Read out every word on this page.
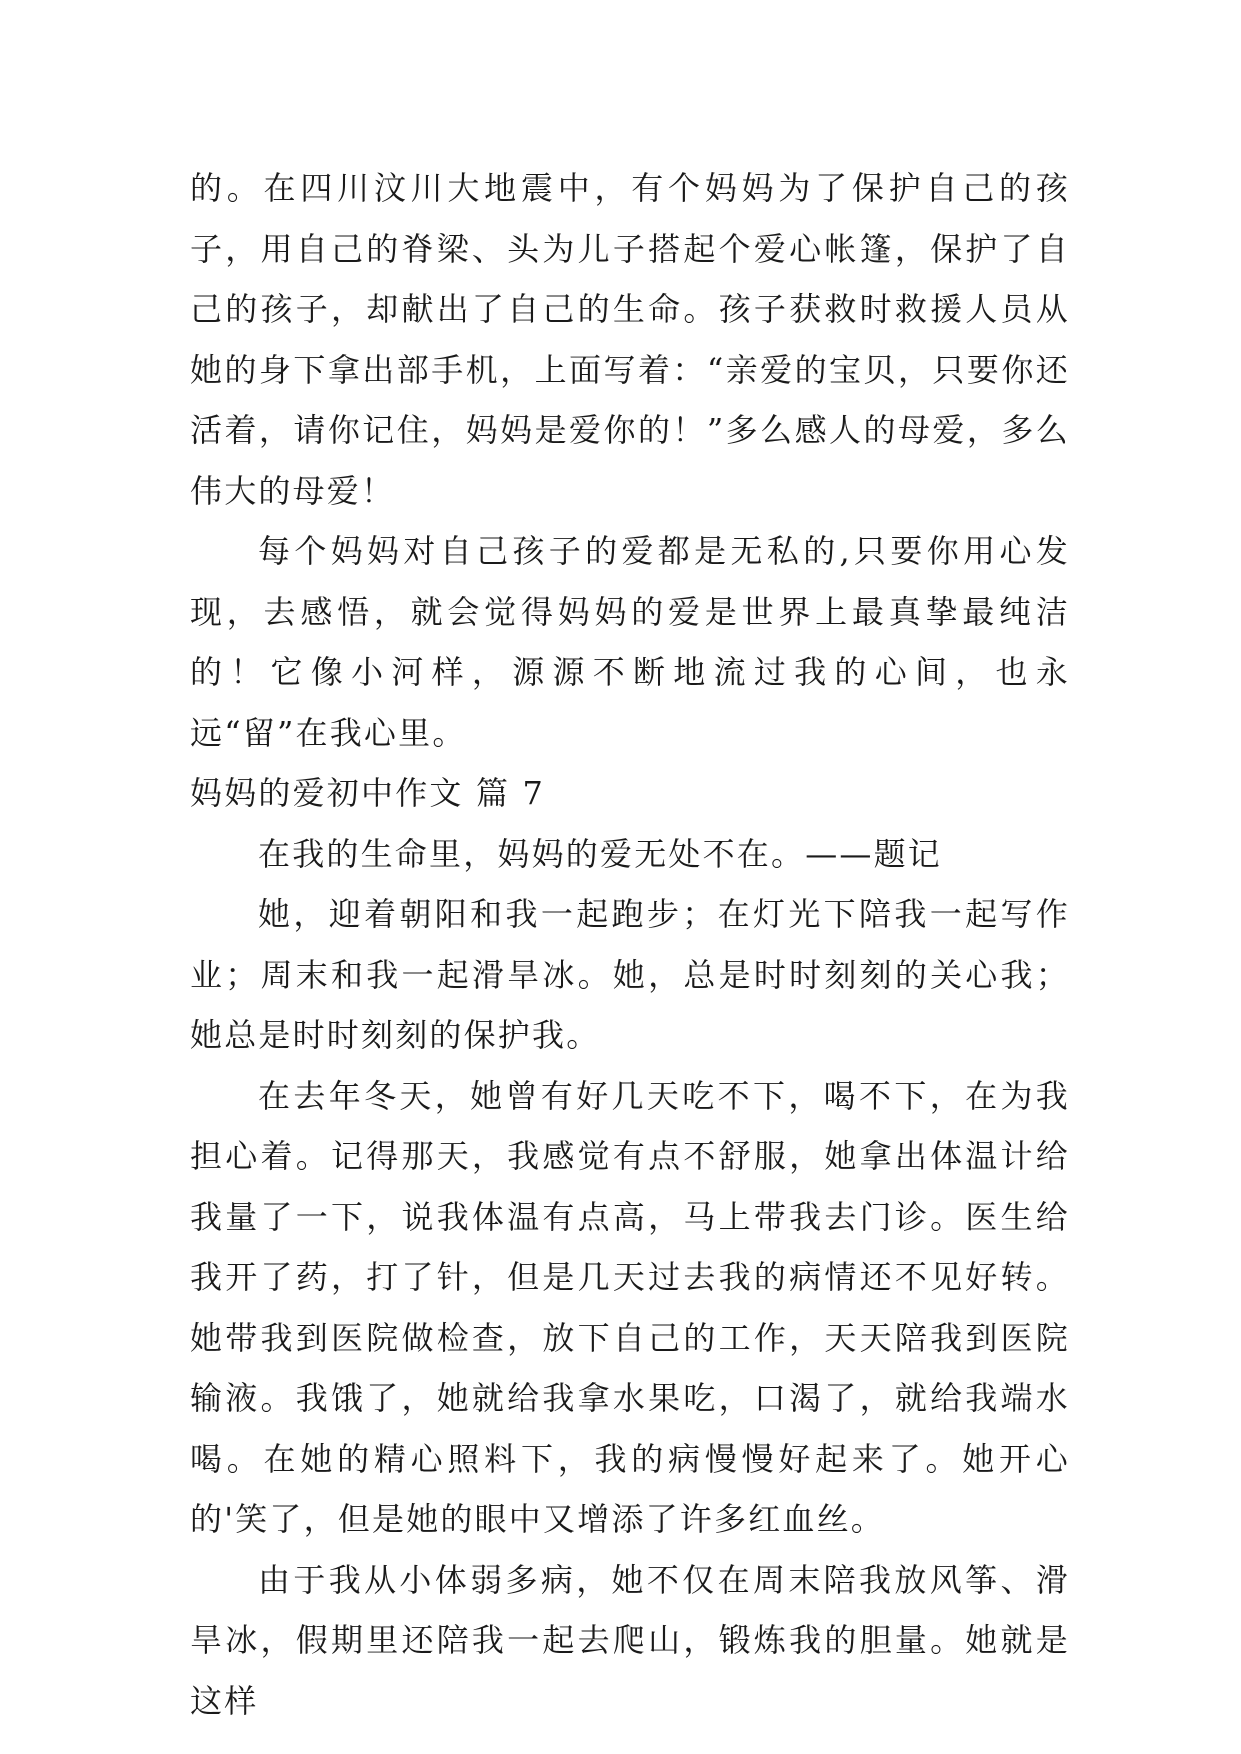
的。在四川汶川大地震中，有个妈妈为了保护自己的孩子，用自己的脊梁、头为儿子搭起个爱心帐篷，保护了自己的孩子，却献出了自己的生命。孩子获救时救援人员从她的身下拿出部手机，上面写着：“亲爱的宝贝，只要你还活着，请你记住，妈妈是爱你的！”多么感人的母爱，多么伟大的母爱！

每个妈妈对自己孩子的爱都是无私的,只要你用心发现，去感悟，就会觉得妈妈的爱是世界上最真挚最纯洁的！它像小河样，源源不断地流过我的心间，也永远“留”在我心里。

妈妈的爱初中作文 篇 7

在我的生命里，妈妈的爱无处不在。——题记

她，迎着朝阳和我一起跑步；在灯光下陪我一起写作业；周末和我一起滑旱冰。她，总是时时刻刻的关心我；她总是时时刻刻的保护我。

在去年冬天，她曾有好几天吃不下，喝不下，在为我担心着。记得那天，我感觉有点不舒服，她拿出体温计给我量了一下，说我体温有点高，马上带我去门诊。医生给我开了药，打了针，但是几天过去我的病情还不见好转。她带我到医院做检查，放下自己的工作，天天陪我到医院输液。我饿了，她就给我拿水果吃，口渴了，就给我端水喝。在她的精心照料下，我的病慢慢好起来了。她开心的'笑了，但是她的眼中又增添了许多红血丝。

由于我从小体弱多病，她不仅在周末陪我放风筝、滑旱冰，假期里还陪我一起去爬山，锻炼我的胆量。她就是这样
